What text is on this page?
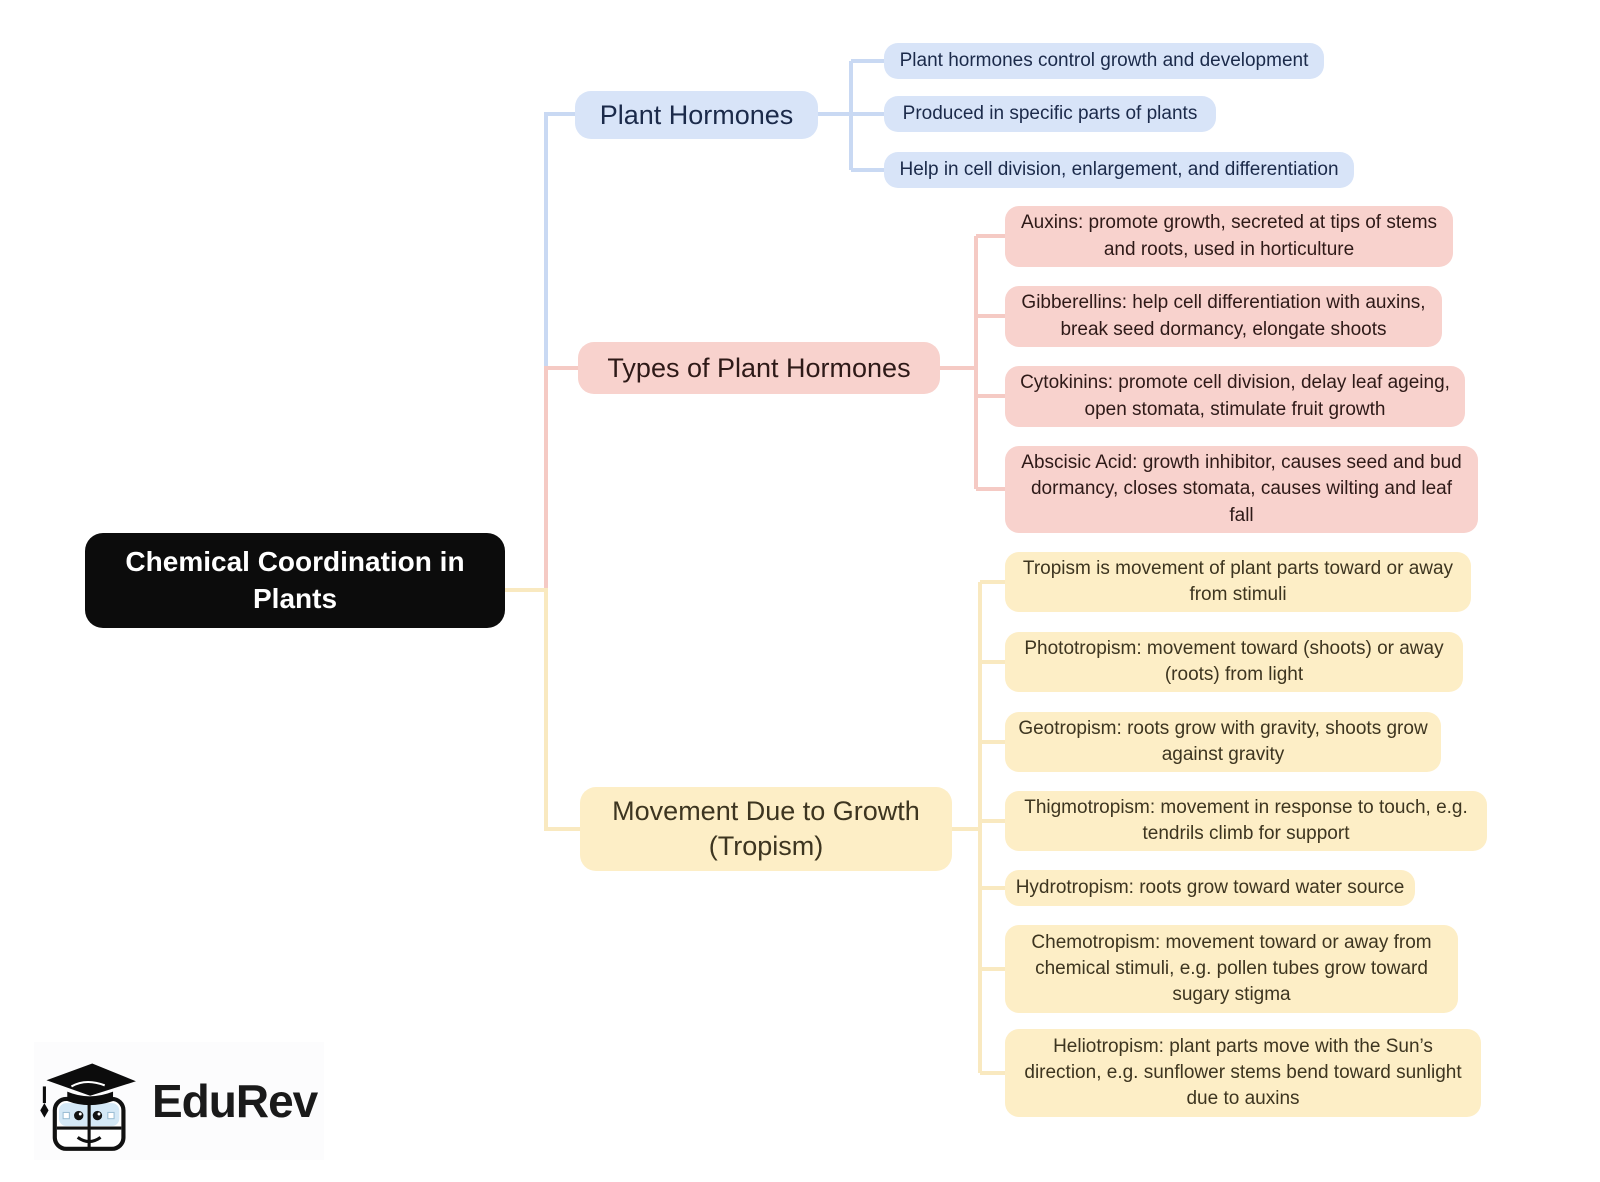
Chemical Coordination in Plants
Plant Hormones
Plant hormones control growth and development
Produced in specific parts of plants
Help in cell division, enlargement, and differentiation
Types of Plant Hormones
Auxins: promote growth, secreted at tips of stems and roots, used in horticulture
Gibberellins: help cell differentiation with auxins, break seed dormancy, elongate shoots
Cytokinins: promote cell division, delay leaf ageing, open stomata, stimulate fruit growth
Abscisic Acid: growth inhibitor, causes seed and bud dormancy, closes stomata, causes wilting and leaf fall
Movement Due to Growth (Tropism)
Tropism is movement of plant parts toward or away from stimuli
Phototropism: movement toward (shoots) or away (roots) from light
Geotropism: roots grow with gravity, shoots grow against gravity
Thigmotropism: movement in response to touch, e.g. tendrils climb for support
Hydrotropism: roots grow toward water source
Chemotropism: movement toward or away from chemical stimuli, e.g. pollen tubes grow toward sugary stigma
Heliotropism: plant parts move with the Sun’s direction, e.g. sunflower stems bend toward sunlight due to auxins
EduRev
